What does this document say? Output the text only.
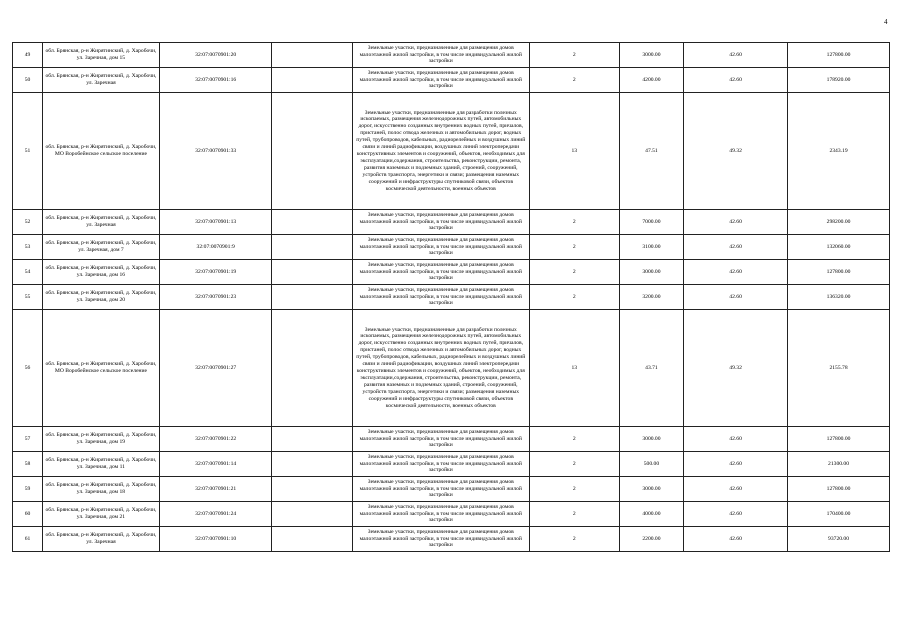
4
49	обл. Брянская, р-н Жирятинский, д. Харобочи, ул. Заречная, дом 15	32:07:0070901:20		Земельные участки, предназначенные для размещения домов малоэтажной жилой застройки, в том числе индивидуальной жилой застройки	2	3000.00	42.60	127800.00
50	обл. Брянская, р-н Жирятинский, д. Харобочи, ул. Заречная	32:07:0070901:16		Земельные участки, предназначенные для размещения домов малоэтажной жилой застройки, в том числе индивидуальной жилой застройки	2	4200.00	42.60	178920.00
51	обл. Брянская, р-н Жирятинский, д. Харобочи, МО Воробейнское сельское поселение	32:07:0070901:33		Земельные участки, предназначенные для разработки полезных ископаемых, размещения железнодорожных путей, автомобильных дорог, искусственно созданных внутренних водных путей, причалов, пристаней, полос отвода железных и автомобильных дорог, водных путей, трубопроводов, кабельных, радиорелейных и воздушных линий связи и линий радиофикации, воздушных линий электропередачи конструктивных элементов и сооружений, объектов, необходимых для эксплуатации,содержания, строительства, реконструкции, ремонта, развития наземных и подземных зданий, строений, сооружений, устройств транспорта, энергетики и связи; размещения наземных сооружений и инфраструктуры спутниковой связи, объектов космической деятельности, военных объектов	13	47.51	49.32	2343.19
52	обл. Брянская, р-н Жирятинский, д. Харобочи, ул. Заречная	32:07:0070901:13		Земельные участки, предназначенные для размещения домов малоэтажной жилой застройки, в том числе индивидуальной жилой застройки	2	7000.00	42.60	298200.00
53	обл. Брянская, р-н Жирятинский, д. Харобочи, ул. Заречная, дом 7	32:07:0070901:9		Земельные участки, предназначенные для размещения домов малоэтажной жилой застройки, в том числе индивидуальной жилой застройки	2	3100.00	42.60	132060.00
54	обл. Брянская, р-н Жирятинский, д. Харобочи, ул. Заречная, дом 16	32:07:0070901:19		Земельные участки, предназначенные для размещения домов малоэтажной жилой застройки, в том числе индивидуальной жилой застройки	2	3000.00	42.60	127800.00
55	обл. Брянская, р-н Жирятинский, д. Харобочи, ул. Заречная, дом 20	32:07:0070901:23		Земельные участки, предназначенные для размещения домов малоэтажной жилой застройки, в том числе индивидуальной жилой застройки	2	3200.00	42.60	136320.00
56	обл. Брянская, р-н Жирятинский, д. Харобочи, МО Воробейнское сельское поселение	32:07:0070901:27		Земельные участки, предназначенные для разработки полезных ископаемых, размещения железнодорожных путей, автомобильных дорог, искусственно созданных внутренних водных путей, причалов, пристаней, полос отвода железных и автомобильных дорог, водных путей, трубопроводов, кабельных, радиорелейных и воздушных линий связи и линий радиофикации, воздушных линий электропередачи конструктивных элементов и сооружений, объектов, необходимых для эксплуатации,содержания, строительства, реконструкции, ремонта, развития наземных и подземных зданий, строений, сооружений, устройств транспорта, энергетики и связи; размещения наземных сооружений и инфраструктуры спутниковой связи, объектов космической деятельности, военных объектов	13	43.71	49.32	2155.78
57	обл. Брянская, р-н Жирятинский, д. Харобочи, ул. Заречная, дом 19	32:07:0070901:22		Земельные участки, предназначенные для размещения домов малоэтажной жилой застройки, в том числе индивидуальной жилой застройки	2	3000.00	42.60	127800.00
58	обл. Брянская, р-н Жирятинский, д. Харобочи, ул. Заречная, дом 11	32:07:0070901:14		Земельные участки, предназначенные для размещения домов малоэтажной жилой застройки, в том числе индивидуальной жилой застройки	2	500.00	42.60	21300.00
59	обл. Брянская, р-н Жирятинский, д. Харобочи, ул. Заречная, дом 18	32:07:0070901:21		Земельные участки, предназначенные для размещения домов малоэтажной жилой застройки, в том числе индивидуальной жилой застройки	2	3000.00	42.60	127800.00
60	обл. Брянская, р-н Жирятинский, д. Харобочи, ул. Заречная, дом 21	32:07:0070901:24		Земельные участки, предназначенные для размещения домов малоэтажной жилой застройки, в том числе индивидуальной жилой застройки	2	4000.00	42.60	170400.00
61	обл. Брянская, р-н Жирятинский, д. Харобочи, ул. Заречная	32:07:0070901:10		Земельные участки, предназначенные для размещения домов малоэтажной жилой застройки, в том числе индивидуальной жилой застройки	2	2200.00	42.60	93720.00
